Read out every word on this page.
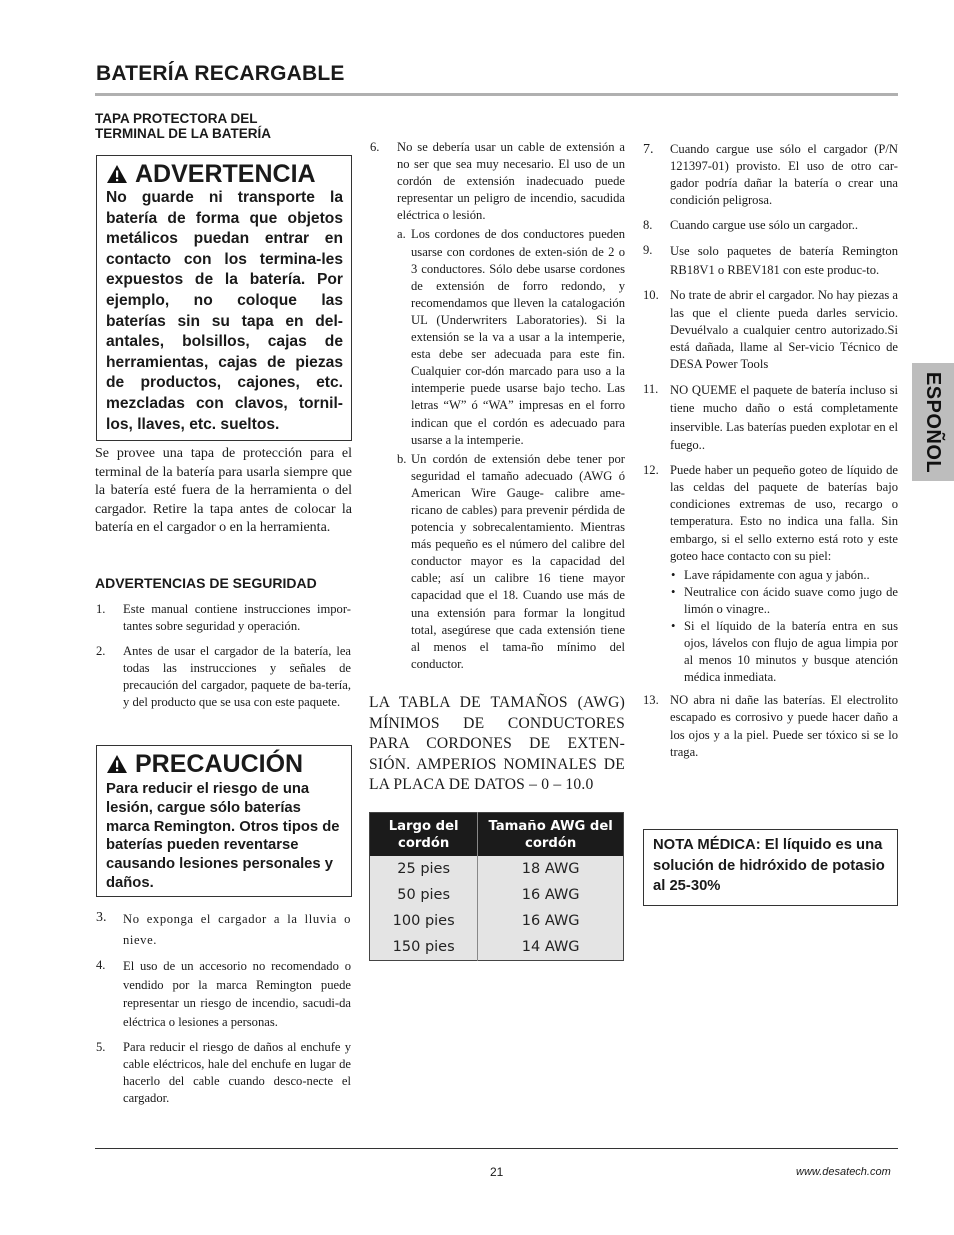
BATERÍA RECARGABLE
TAPA PROTECTORA DEL
TERMINAL DE LA BATERÍA
ADVERTENCIA
No guarde ni transporte la batería de forma que objetos metálicos puedan entrar en contacto con los termina-les expuestos de la batería. Por ejemplo, no coloque las baterías sin su tapa en del-antales, bolsillos, cajas de herramientas, cajas de piezas de productos, cajones, etc. mezcladas con clavos, tornil-los, llaves, etc. sueltos.
Se provee una tapa de protección para el terminal de la batería para usarla siempre que la batería esté fuera de la herramienta o del cargador. Retire la tapa antes de colocar la batería en el cargador o en la herramienta.
ADVERTENCIAS DE SEGURIDAD
1. Este manual contiene instrucciones impor-tantes sobre seguridad y operación.
2. Antes de usar el cargador de la batería, lea todas las instrucciones y señales de precaución del cargador, paquete de ba-tería, y del producto que se usa con este paquete.
PRECAUCIÓN
Para reducir el riesgo de una lesión, cargue sólo baterías marca Remington. Otros tipos de baterías pueden reventarse causando lesiones personales y daños.
3. No exponga el cargador a la lluvia o nieve.
4. El uso de un accesorio no recomendado o vendido por la marca Remington puede representar un riesgo de incendio, sacudi-da eléctrica o lesiones a personas.
5. Para reducir el riesgo de daños al enchufe y cable eléctricos, hale del enchufe en lugar de hacerlo del cable cuando desco-necte el cargador.
6. No se debería usar un cable de extensión a no ser que sea muy necesario. El uso de un cordón de extensión inadecuado puede representar un peligro de incendio, sacudida eléctrica o lesión.
a. Los cordones de dos conductores pueden usarse con cordones de exten-sión de 2 o 3 conductores. Sólo debe usarse cordones de extensión de forro redondo, y recomendamos que lleven la catalogación UL (Underwriters Laboratories). Si la extensión se la va a usar a la intemperie, esta debe ser adecuada para este fin. Cualquier cor-dón marcado para uso a la intemperie puede usarse bajo techo. Las letras “W” ó “WA” impresas en el forro indican que el cordón es adecuado para usarse a la intemperie.
b. Un cordón de extensión debe tener por seguridad el tamaño adecuado (AWG ó American Wire Gauge- calibre ame-ricano de cables) para prevenir pérdida de potencia y sobrecalentamiento. Mientras más pequeño es el número del calibre del conductor mayor es la capacidad del cable; así un calibre 16 tiene mayor capacidad que el 18. Cuando use más de una extensión para formar la longitud total, asegúrese que cada extensión tiene al menos el tama-ño mínimo del conductor.
LA TABLA DE TAMAÑOS (AWG) MÍNIMOS DE CONDUCTORES PARA CORDONES DE EXTEN-SIÓN. AMPERIOS NOMINALES DE LA PLACA DE DATOS – 0 – 10.0
Largo del cordón	Tamaño AWG del cordón
25 pies	18 AWG
50 pies	16 AWG
100 pies	16 AWG
150 pies	14 AWG
7. Cuando cargue use sólo el cargador (P/N 121397-01) provisto. El uso de otro car-gador podría dañar la batería o crear una condición peligrosa.
8. Cuando cargue use sólo un cargador..
9. Use solo paquetes de batería Remington RB18V1 o RBEV181 con este produc-to.
10. No trate de abrir el cargador. No hay piezas a las que el cliente pueda darles servicio. Devuélvalo a cualquier centro autorizado.Si está dañada, llame al Ser-vicio Técnico de DESA Power Tools
11. NO QUEME el paquete de batería incluso si tiene mucho daño o está completamente inservible. Las baterías pueden explotar en el fuego..
12. Puede haber un pequeño goteo de líquido de las celdas del paquete de baterías bajo condiciones extremas de uso, recargo o temperatura. Esto no indica una falla. Sin embargo, si el sello externo está roto y este goteo hace contacto con su piel:
• Lave rápidamente con agua y jabón..
• Neutralice con ácido suave como jugo de limón o vinagre..
• Si el líquido de la batería entra en sus ojos, lávelos con flujo de agua limpia por al menos 10 minutos y busque atención médica inmediata.
13. NO abra ni dañe las baterías. El electrolito escapado es corrosivo y puede hacer daño a los ojos y a la piel. Puede ser tóxico si se lo traga.
NOTA MÉDICA: El líquido es una solución de hidróxido de potasio al 25-30%
ESPOÑOL
21	www.desatech.com
